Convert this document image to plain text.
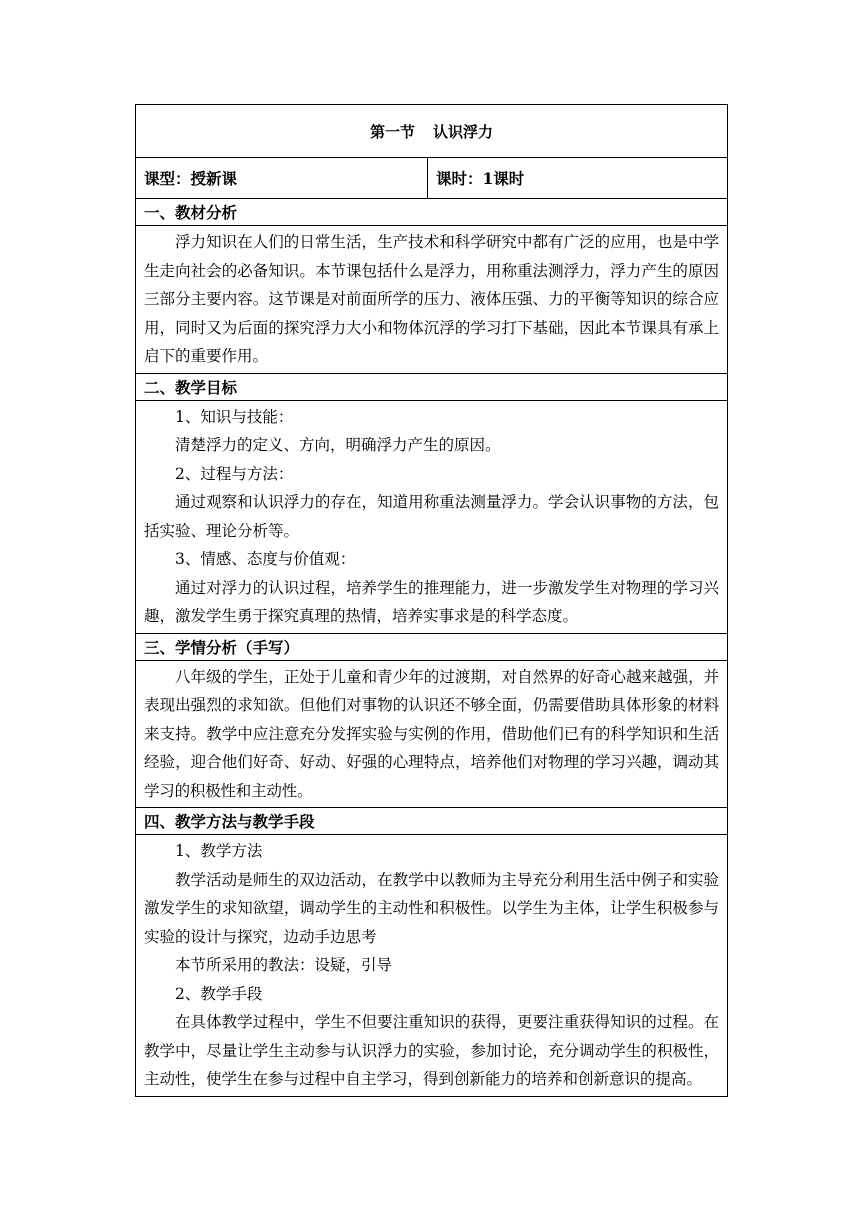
第一节 认识浮力
课型：授新课	课时：1课时
一、教材分析

浮力知识在人们的日常生活，生产技术和科学研究中都有广泛的应用，也是中学生走向社会的必备知识。本节课包括什么是浮力，用称重法测浮力，浮力产生的原因三部分主要内容。这节课是对前面所学的压力、液体压强、力的平衡等知识的综合应用，同时又为后面的探究浮力大小和物体沉浮的学习打下基础，因此本节课具有承上启下的重要作用。

二、教学目标

1、知识与技能：

清楚浮力的定义、方向，明确浮力产生的原因。

2、过程与方法：

通过观察和认识浮力的存在，知道用称重法测量浮力。学会认识事物的方法，包括实验、理论分析等。

3、情感、态度与价值观：

通过对浮力的认识过程，培养学生的推理能力，进一步激发学生对物理的学习兴趣，激发学生勇于探究真理的热情，培养实事求是的科学态度。

三、学情分析（手写）

八年级的学生，正处于儿童和青少年的过渡期，对自然界的好奇心越来越强，并表现出强烈的求知欲。但他们对事物的认识还不够全面，仍需要借助具体形象的材料来支持。教学中应注意充分发挥实验与实例的作用，借助他们已有的科学知识和生活经验，迎合他们好奇、好动、好强的心理特点，培养他们对物理的学习兴趣，调动其学习的积极性和主动性。

四、教学方法与教学手段

1、教学方法

教学活动是师生的双边活动，在教学中以教师为主导充分利用生活中例子和实验激发学生的求知欲望，调动学生的主动性和积极性。以学生为主体，让学生积极参与实验的设计与探究，边动手边思考

本节所采用的教法：设疑，引导

2、教学手段

在具体教学过程中，学生不但要注重知识的获得，更要注重获得知识的过程。在教学中，尽量让学生主动参与认识浮力的实验，参加讨论，充分调动学生的积极性，主动性，使学生在参与过程中自主学习，得到创新能力的培养和创新意识的提高。
